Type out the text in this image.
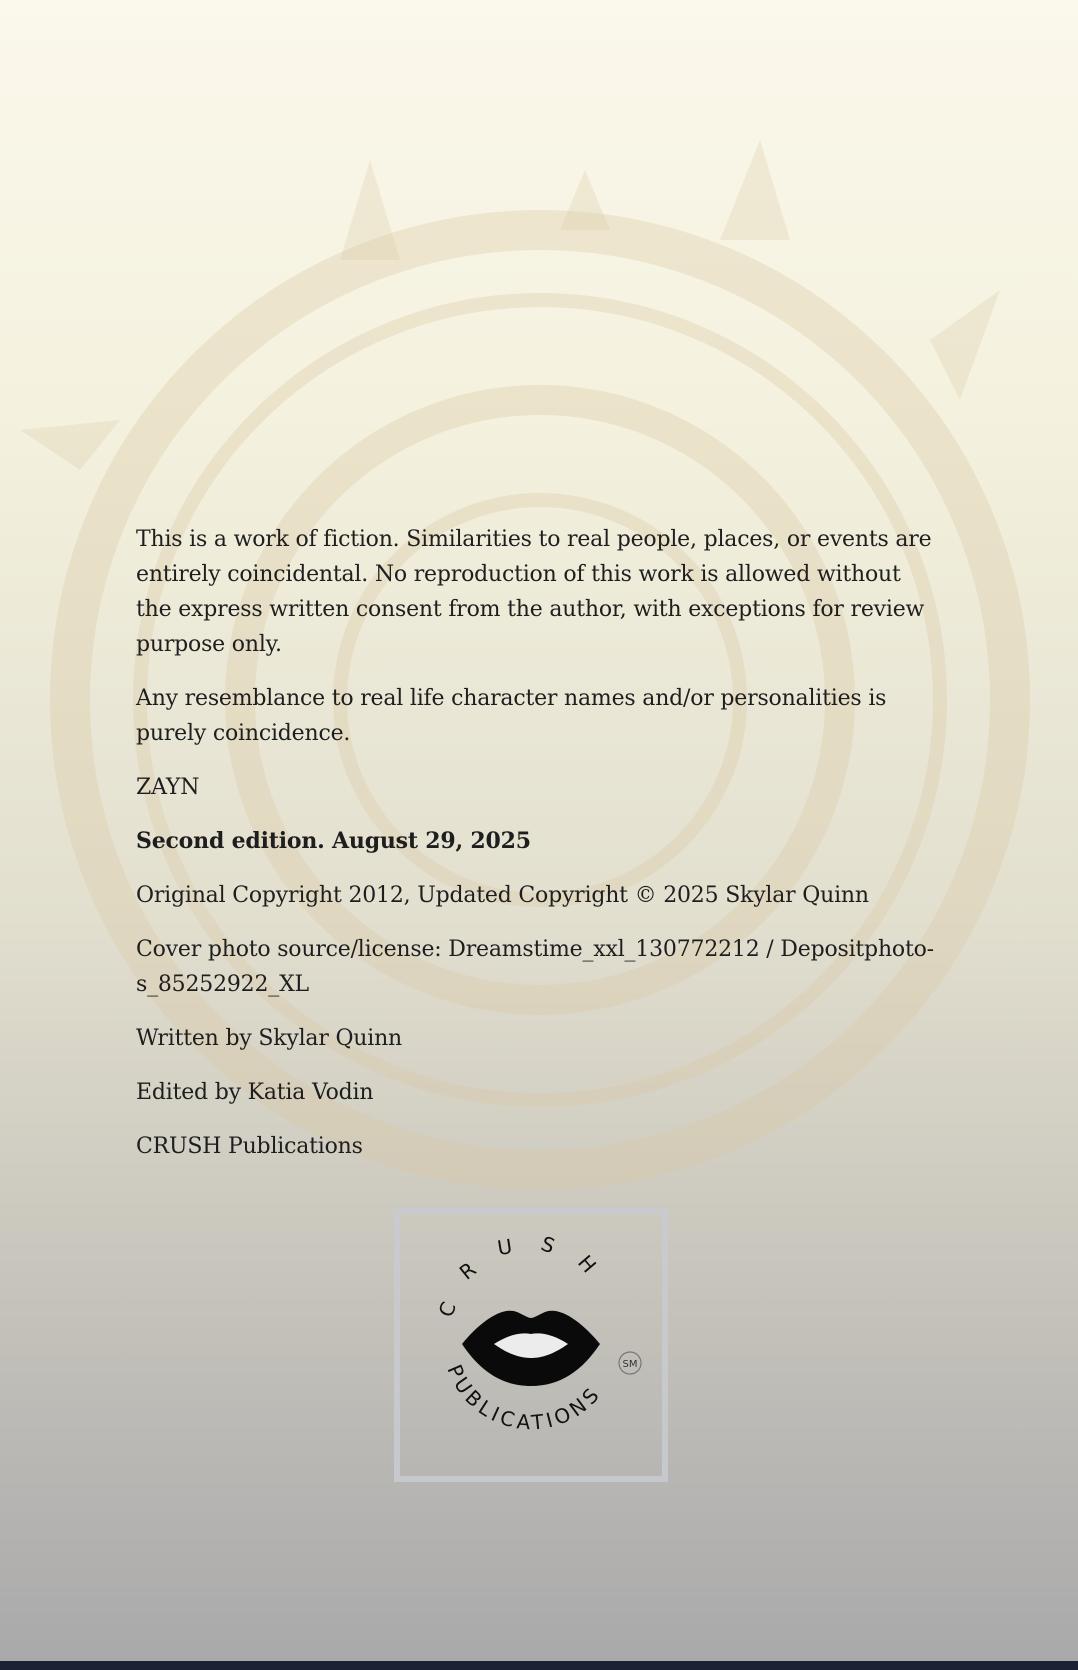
This is a work of fiction. Similarities to real people, places, or events are entirely coincidental. No reproduction of this work is allowed without the express written consent from the author, with exceptions for review purpose only.

Any resemblance to real life character names and/or personalities is purely coincidence.

ZAYN

Second edition. August 29, 2025

Original Copyright 2012, Updated Copyright © 2025 Skylar Quinn

Cover photo source/license: Dreamstime_xxl_130772212 / Depositphoto-s_85252922_XL

Written by Skylar Quinn

Edited by Katia Vodin

CRUSH Publications

CRUSH
PUBLICATIONS
SM
